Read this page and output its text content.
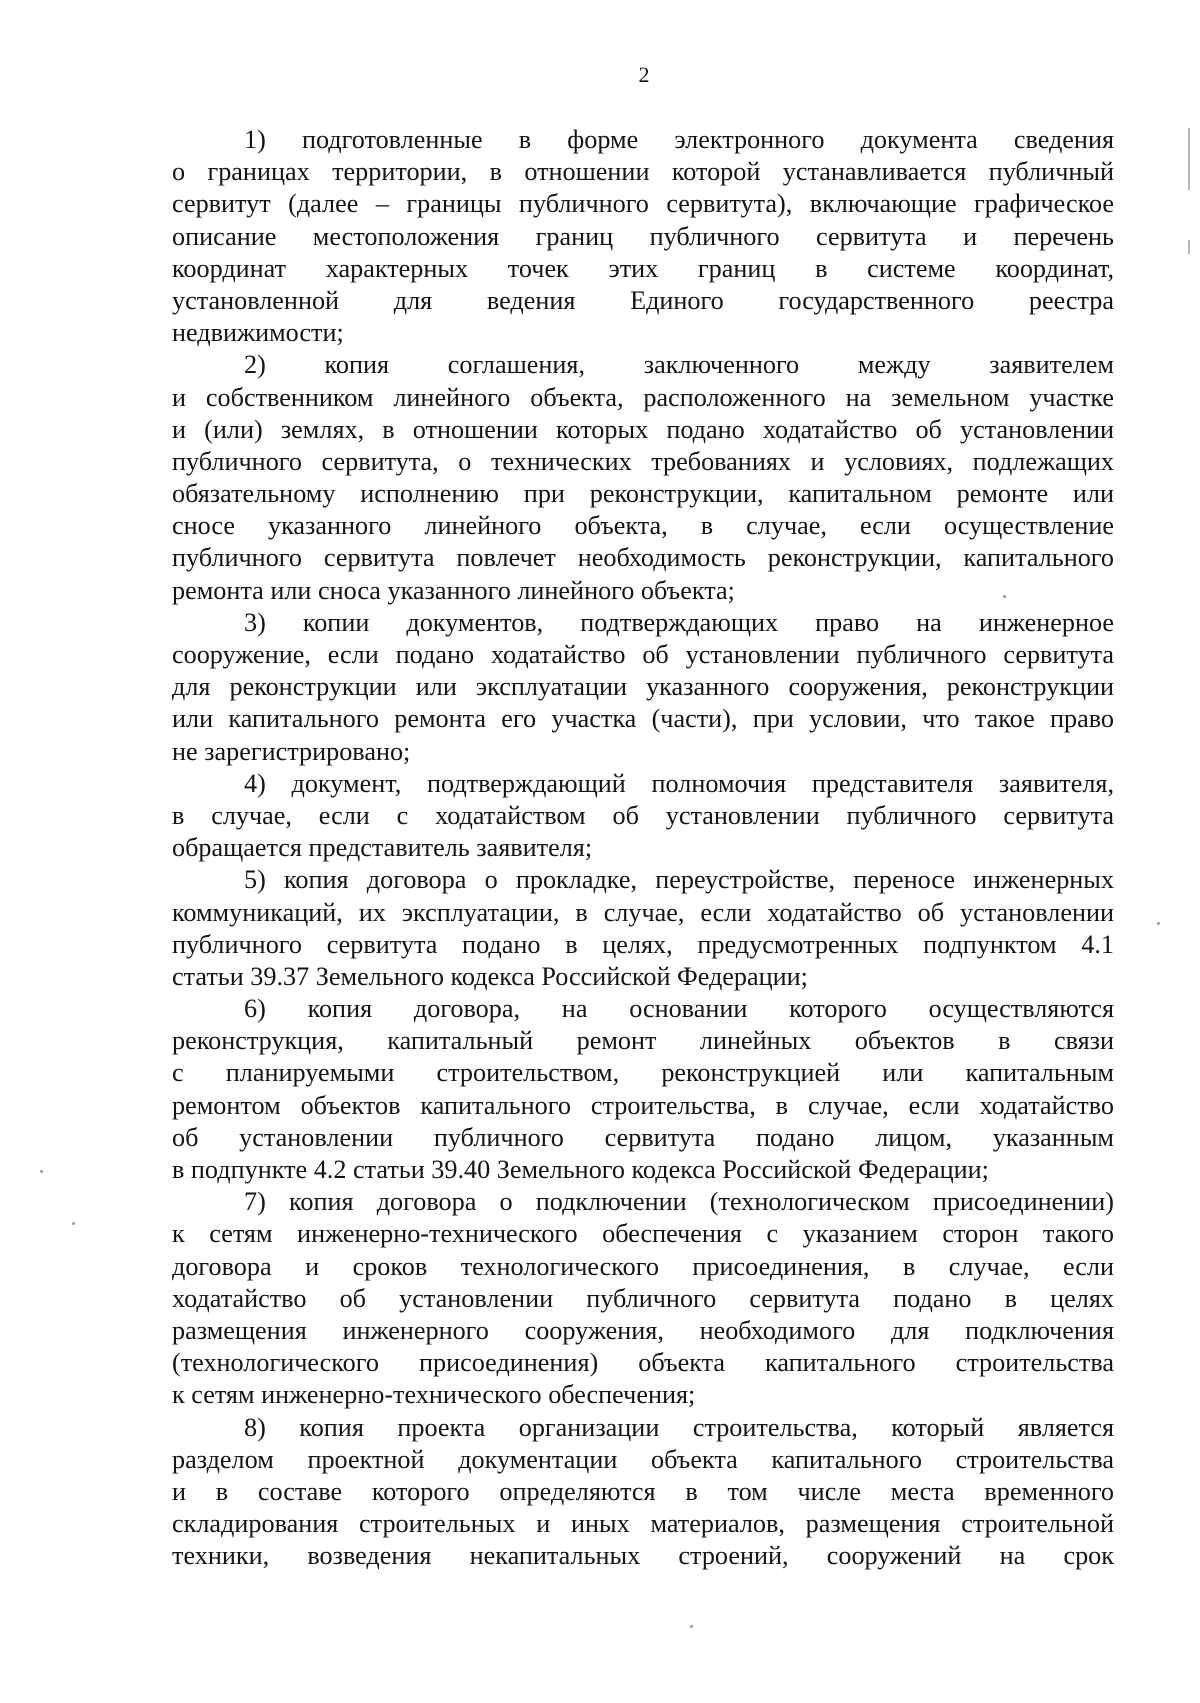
2
1) подготовленные в форме электронного документа сведения
о границах территории, в отношении которой устанавливается публичный
сервитут (далее – границы публичного сервитута), включающие графическое
описание местоположения границ публичного сервитута и перечень
координат характерных точек этих границ в системе координат,
установленной для ведения Единого государственного реестра
недвижимости;
2) копия соглашения, заключенного между заявителем
и собственником линейного объекта, расположенного на земельном участке
и (или) землях, в отношении которых подано ходатайство об установлении
публичного сервитута, о технических требованиях и условиях, подлежащих
обязательному исполнению при реконструкции, капитальном ремонте или
сносе указанного линейного объекта, в случае, если осуществление
публичного сервитута повлечет необходимость реконструкции, капитального
ремонта или сноса указанного линейного объекта;
3) копии документов, подтверждающих право на инженерное
сооружение, если подано ходатайство об установлении публичного сервитута
для реконструкции или эксплуатации указанного сооружения, реконструкции
или капитального ремонта его участка (части), при условии, что такое право
не зарегистрировано;
4) документ, подтверждающий полномочия представителя заявителя,
в случае, если с ходатайством об установлении публичного сервитута
обращается представитель заявителя;
5) копия договора о прокладке, переустройстве, переносе инженерных
коммуникаций, их эксплуатации, в случае, если ходатайство об установлении
публичного сервитута подано в целях, предусмотренных подпунктом 4.1
статьи 39.37 Земельного кодекса Российской Федерации;
6) копия договора, на основании которого осуществляются
реконструкция, капитальный ремонт линейных объектов в связи
с планируемыми строительством, реконструкцией или капитальным
ремонтом объектов капитального строительства, в случае, если ходатайство
об установлении публичного сервитута подано лицом, указанным
в подпункте 4.2 статьи 39.40 Земельного кодекса Российской Федерации;
7) копия договора о подключении (технологическом присоединении)
к сетям инженерно-технического обеспечения с указанием сторон такого
договора и сроков технологического присоединения, в случае, если
ходатайство об установлении публичного сервитута подано в целях
размещения инженерного сооружения, необходимого для подключения
(технологического присоединения) объекта капитального строительства
к сетям инженерно-технического обеспечения;
8) копия проекта организации строительства, который является
разделом проектной документации объекта капитального строительства
и в составе которого определяются в том числе места временного
складирования строительных и иных материалов, размещения строительной
техники, возведения некапитальных строений, сооружений на срок
